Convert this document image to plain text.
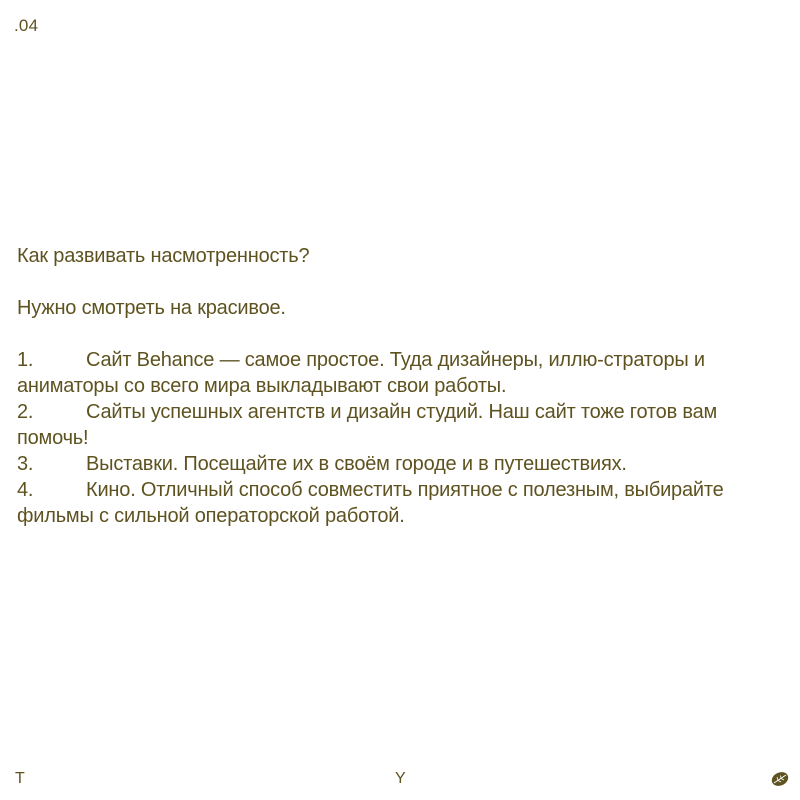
.04

Как развивать насмотренность?

Нужно смотреть на красивое.

1.	Сайт Behance — самое простое. Туда дизайнеры, иллю-страторы и аниматоры со всего мира выкладывают свои работы.
2.	Сайты успешных агентств и дизайн студий. Наш сайт тоже готов вам помочь!
3.	Выставки. Посещайте их в своём городе и в путешествиях.
4.	Кино. Отличный способ совместить приятное с полезным, выбирайте фильмы с сильной операторской работой.
T	Y
